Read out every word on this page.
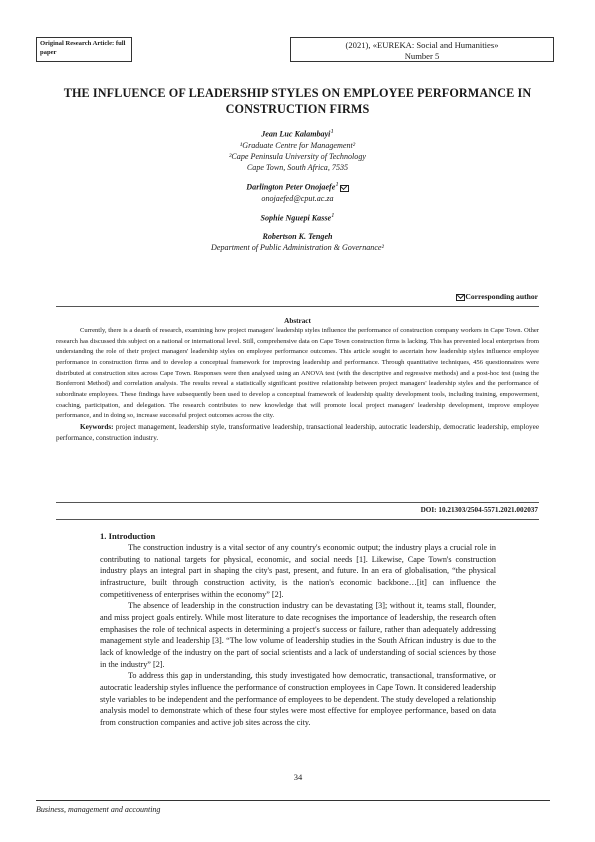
Original Research Article: full paper
(2021), «EUREKA: Social and Humanities»
Number 5
THE INFLUENCE OF LEADERSHIP STYLES ON EMPLOYEE PERFORMANCE IN CONSTRUCTION FIRMS
Jean Luc Kalambayi$^1$
¹Graduate Centre for Management²
²Cape Peninsula University of Technology
Cape Town, South Africa, 7535
Darlington Peter Onojaefe$^1$
onojaefed@cput.ac.za
Sophie Nguepi Kasse$^1$
Robertson K. Tengeh
Department of Public Administration & Governance²
Corresponding author
Abstract

Currently, there is a dearth of research, examining how project managers' leadership styles influence the performance of construction company workers in Cape Town. Other research has discussed this subject on a national or international level. Still, comprehensive data on Cape Town construction firms is lacking. This has prevented local enterprises from understanding the role of their project managers' leadership styles on employee performance outcomes. This article sought to ascertain how leadership styles influence employee performance in construction firms and to develop a conceptual framework for improving leadership and performance. Through quantitative techniques, 456 questionnaires were distributed at construction sites across Cape Town. Responses were then analysed using an ANOVA test (with the descriptive and regressive methods) and a post-hoc test (using the Bonferroni Method) and correlation analysis. The results reveal a statistically significant positive relationship between project managers' leadership styles and the performance of subordinate employees. These findings have subsequently been used to develop a conceptual framework of leadership quality development tools, including training, empowerment, coaching, participation, and delegation. The research contributes to new knowledge that will promote local project managers' leadership development, improve employee performance, and in doing so, increase successful project outcomes across the city.

Keywords: project management, leadership style, transformative leadership, transactional leadership, autocratic leadership, democratic leadership, employee performance, construction industry.

DOI: 10.21303/2504-5571.2021.002037
1. Introduction

The construction industry is a vital sector of any country's economic output; the industry plays a crucial role in contributing to national targets for physical, economic, and social needs [1]. Likewise, Cape Town's construction industry plays an integral part in shaping the city's past, present, and future. In an era of globalisation, “the physical infrastructure, built through construction activity, is the nation's economic backbone…[it] can influence the competitiveness of enterprises within the economy” [2].

The absence of leadership in the construction industry can be devastating [3]; without it, teams stall, flounder, and miss project goals entirely. While most literature to date recognises the importance of leadership, the research often emphasises the role of technical aspects in determining a project's success or failure, rather than adequately addressing management style and leadership [3]. “The low volume of leadership studies in the South African industry is due to the lack of knowledge of the industry on the part of social scientists and a lack of understanding of social sciences by those in the industry” [2].

To address this gap in understanding, this study investigated how democratic, transactional, transformative, or autocratic leadership styles influence the performance of construction employees in Cape Town. It considered leadership style variables to be independent and the performance of employees to be dependent. The study developed a relationship analysis model to demonstrate which of these four styles were most effective for employee performance, based on data from construction companies and active job sites across the city.

34
Business, management and accounting
